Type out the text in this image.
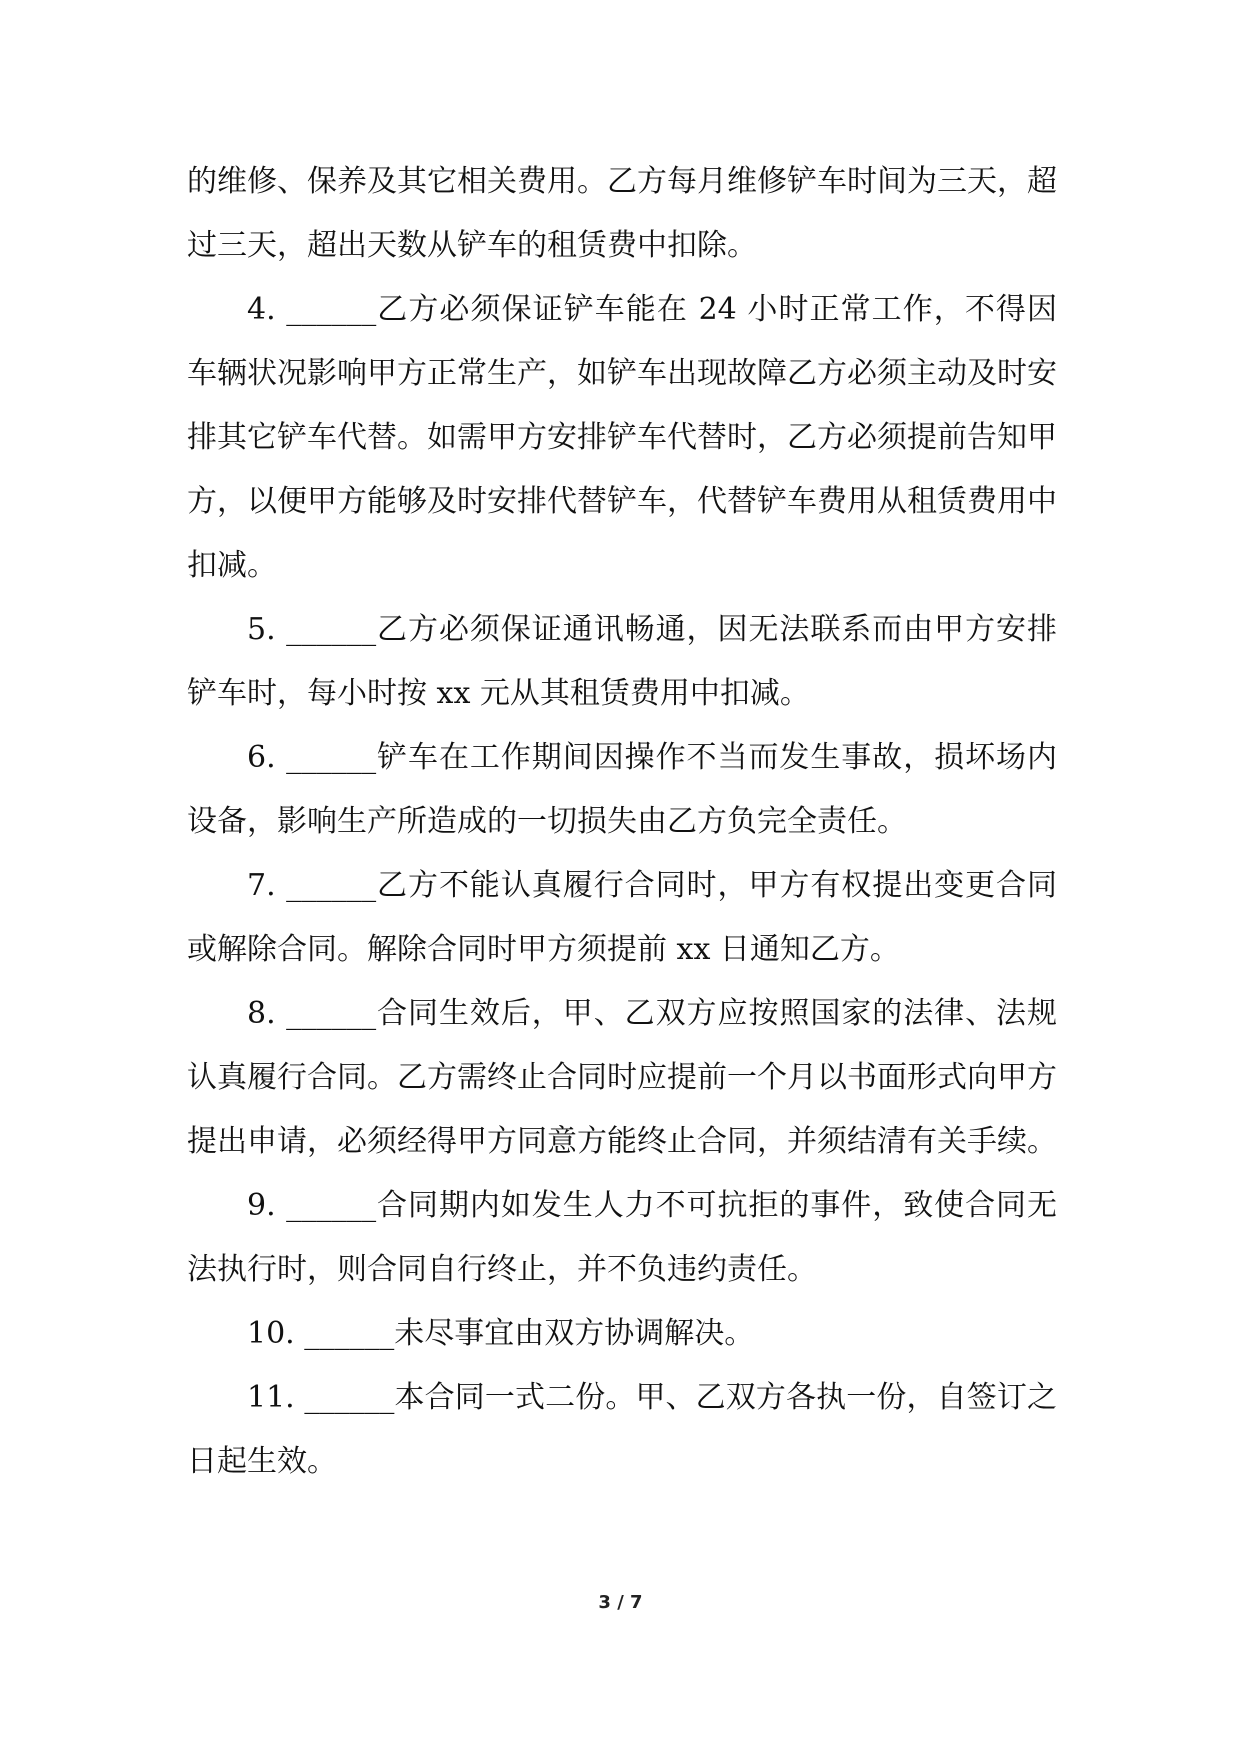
的维修、保养及其它相关费用。乙方每月维修铲车时间为三天，超过三天，超出天数从铲车的租赁费中扣除。

4. ______乙方必须保证铲车能在 24 小时正常工作，不得因车辆状况影响甲方正常生产，如铲车出现故障乙方必须主动及时安排其它铲车代替。如需甲方安排铲车代替时，乙方必须提前告知甲方，以便甲方能够及时安排代替铲车，代替铲车费用从租赁费用中扣减。

5. ______乙方必须保证通讯畅通，因无法联系而由甲方安排铲车时，每小时按 xx 元从其租赁费用中扣减。

6. ______铲车在工作期间因操作不当而发生事故，损坏场内设备，影响生产所造成的一切损失由乙方负完全责任。

7. ______乙方不能认真履行合同时，甲方有权提出变更合同或解除合同。解除合同时甲方须提前 xx 日通知乙方。

8. ______合同生效后，甲、乙双方应按照国家的法律、法规认真履行合同。乙方需终止合同时应提前一个月以书面形式向甲方提出申请，必须经得甲方同意方能终止合同，并须结清有关手续。

9. ______合同期内如发生人力不可抗拒的事件，致使合同无法执行时，则合同自行终止，并不负违约责任。

10. ______未尽事宜由双方协调解决。

11. ______本合同一式二份。甲、乙双方各执一份，自签订之日起生效。

3 / 7
